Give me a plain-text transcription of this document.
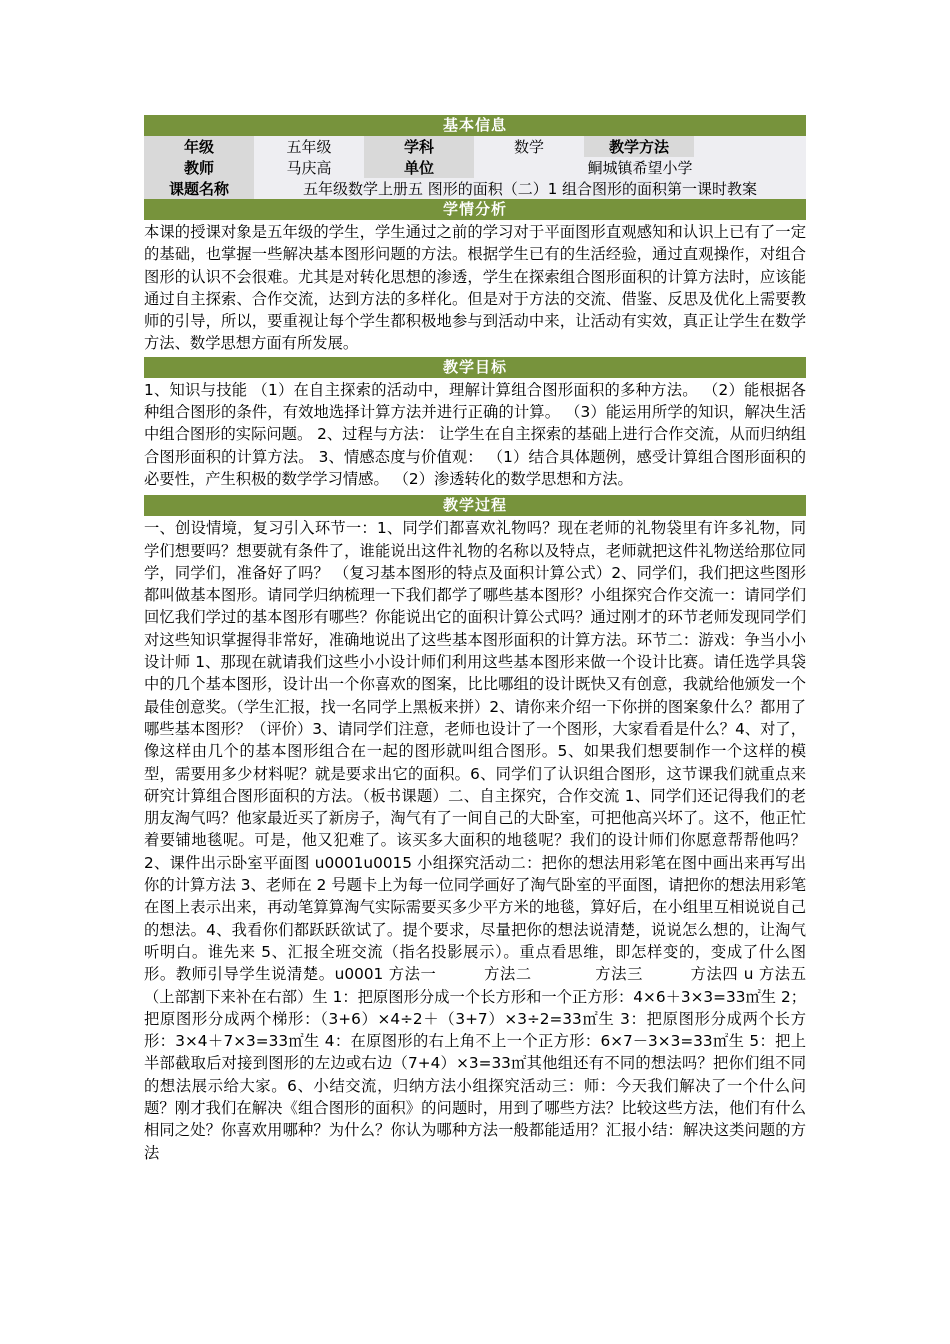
基本信息
年级	五年级	学科	数学	教学方法	
教师	马庆高	单位	鲖城镇希望小学		
课题名称	五年级数学上册五 图形的面积（二）1 组合图形的面积第一课时教案				
学情分析

本课的授课对象是五年级的学生，学生通过之前的学习对于平面图形直观感知和认识上已有了一定的基础，也掌握一些解决基本图形问题的方法。根据学生已有的生活经验，通过直观操作，对组合图形的认识不会很难。尤其是对转化思想的渗透，学生在探索组合图形面积的计算方法时，应该能通过自主探索、合作交流，达到方法的多样化。但是对于方法的交流、借鉴、反思及优化上需要教师的引导，所以，要重视让每个学生都积极地参与到活动中来，让活动有实效，真正让学生在数学方法、数学思想方面有所发展。

教学目标

1、知识与技能 （1）在自主探索的活动中，理解计算组合图形面积的多种方法。 （2）能根据各种组合图形的条件，有效地选择计算方法并进行正确的计算。 （3）能运用所学的知识，解决生活中组合图形的实际问题。 2、过程与方法： 让学生在自主探索的基础上进行合作交流，从而归纳组合图形面积的计算方法。 3、情感态度与价值观： （1）结合具体题例，感受计算组合图形面积的必要性，产生积极的数学学习情感。 （2）渗透转化的数学思想和方法。

教学过程

一、创设情境，复习引入环节一：1、同学们都喜欢礼物吗？现在老师的礼物袋里有许多礼物，同学们想要吗？想要就有条件了，谁能说出这件礼物的名称以及特点，老师就把这件礼物送给那位同学，同学们，准备好了吗？ （复习基本图形的特点及面积计算公式）2、同学们，我们把这些图形都叫做基本图形。请同学归纳梳理一下我们都学了哪些基本图形？小组探究合作交流一：请同学们回忆我们学过的基本图形有哪些？你能说出它的面积计算公式吗？通过刚才的环节老师发现同学们对这些知识掌握得非常好，准确地说出了这些基本图形面积的计算方法。环节二：游戏：争当小小设计师 1、那现在就请我们这些小小设计师们利用这些基本图形来做一个设计比赛。请任选学具袋中的几个基本图形，设计出一个你喜欢的图案，比比哪组的设计既快又有创意，我就给他颁发一个最佳创意奖。（学生汇报，找一名同学上黑板来拼）2、请你来介绍一下你拼的图案象什么？都用了哪些基本图形？（评价）3、请同学们注意，老师也设计了一个图形，大家看看是什么？4、对了，像这样由几个的基本图形组合在一起的图形就叫组合图形。5、如果我们想要制作一个这样的模型，需要用多少材料呢？就是要求出它的面积。6、同学们了认识组合图形，这节课我们就重点来研究计算组合图形面积的方法。（板书课题）二、自主探究，合作交流 1、同学们还记得我们的老朋友淘气吗？他家最近买了新房子，淘气有了一间自己的大卧室，可把他高兴坏了。这不，他正忙着要铺地毯呢。可是，他又犯难了。该买多大面积的地毯呢？我们的设计师们你愿意帮帮他吗？ 2、课件出示卧室平面图 u0001u0015 小组探究活动二：把你的想法用彩笔在图中画出来再写出你的计算方法 3、老师在 2 号题卡上为每一位同学画好了淘气卧室的平面图，请把你的想法用彩笔在图上表示出来，再动笔算算淘气实际需要买多少平方米的地毯，算好后，在小组里互相说说自己的想法。4、我看你们都跃跃欲试了。提个要求，尽量把你的想法说清楚，说说怎么想的，让淘气听明白。谁先来 5、汇报全班交流（指名投影展示）。重点看思维，即怎样变的，变成了什么图形。教师引导学生说清楚。u0001 方法一　　　方法二　　　　方法三　　　方法四 u 方法五（上部割下来补在右部）生 1：把原图形分成一个长方形和一个正方形：4×6＋3×3=33㎡生 2；把原图形分成两个梯形：（3+6）×4÷2＋（3+7）×3÷2=33㎡生 3：把原图形分成两个长方形：3×4＋7×3=33㎡生 4：在原图形的右上角不上一个正方形：6×7－3×3=33㎡生 5：把上半部截取后对接到图形的左边或右边（7+4）×3=33㎡其他组还有不同的想法吗？把你们组不同的想法展示给大家。6、小结交流，归纳方法小组探究活动三：师：今天我们解决了一个什么问题？刚才我们在解决《组合图形的面积》的问题时，用到了哪些方法？比较这些方法，他们有什么相同之处？你喜欢用哪种？为什么？你认为哪种方法一般都能适用？汇报小结：解决这类问题的方法
